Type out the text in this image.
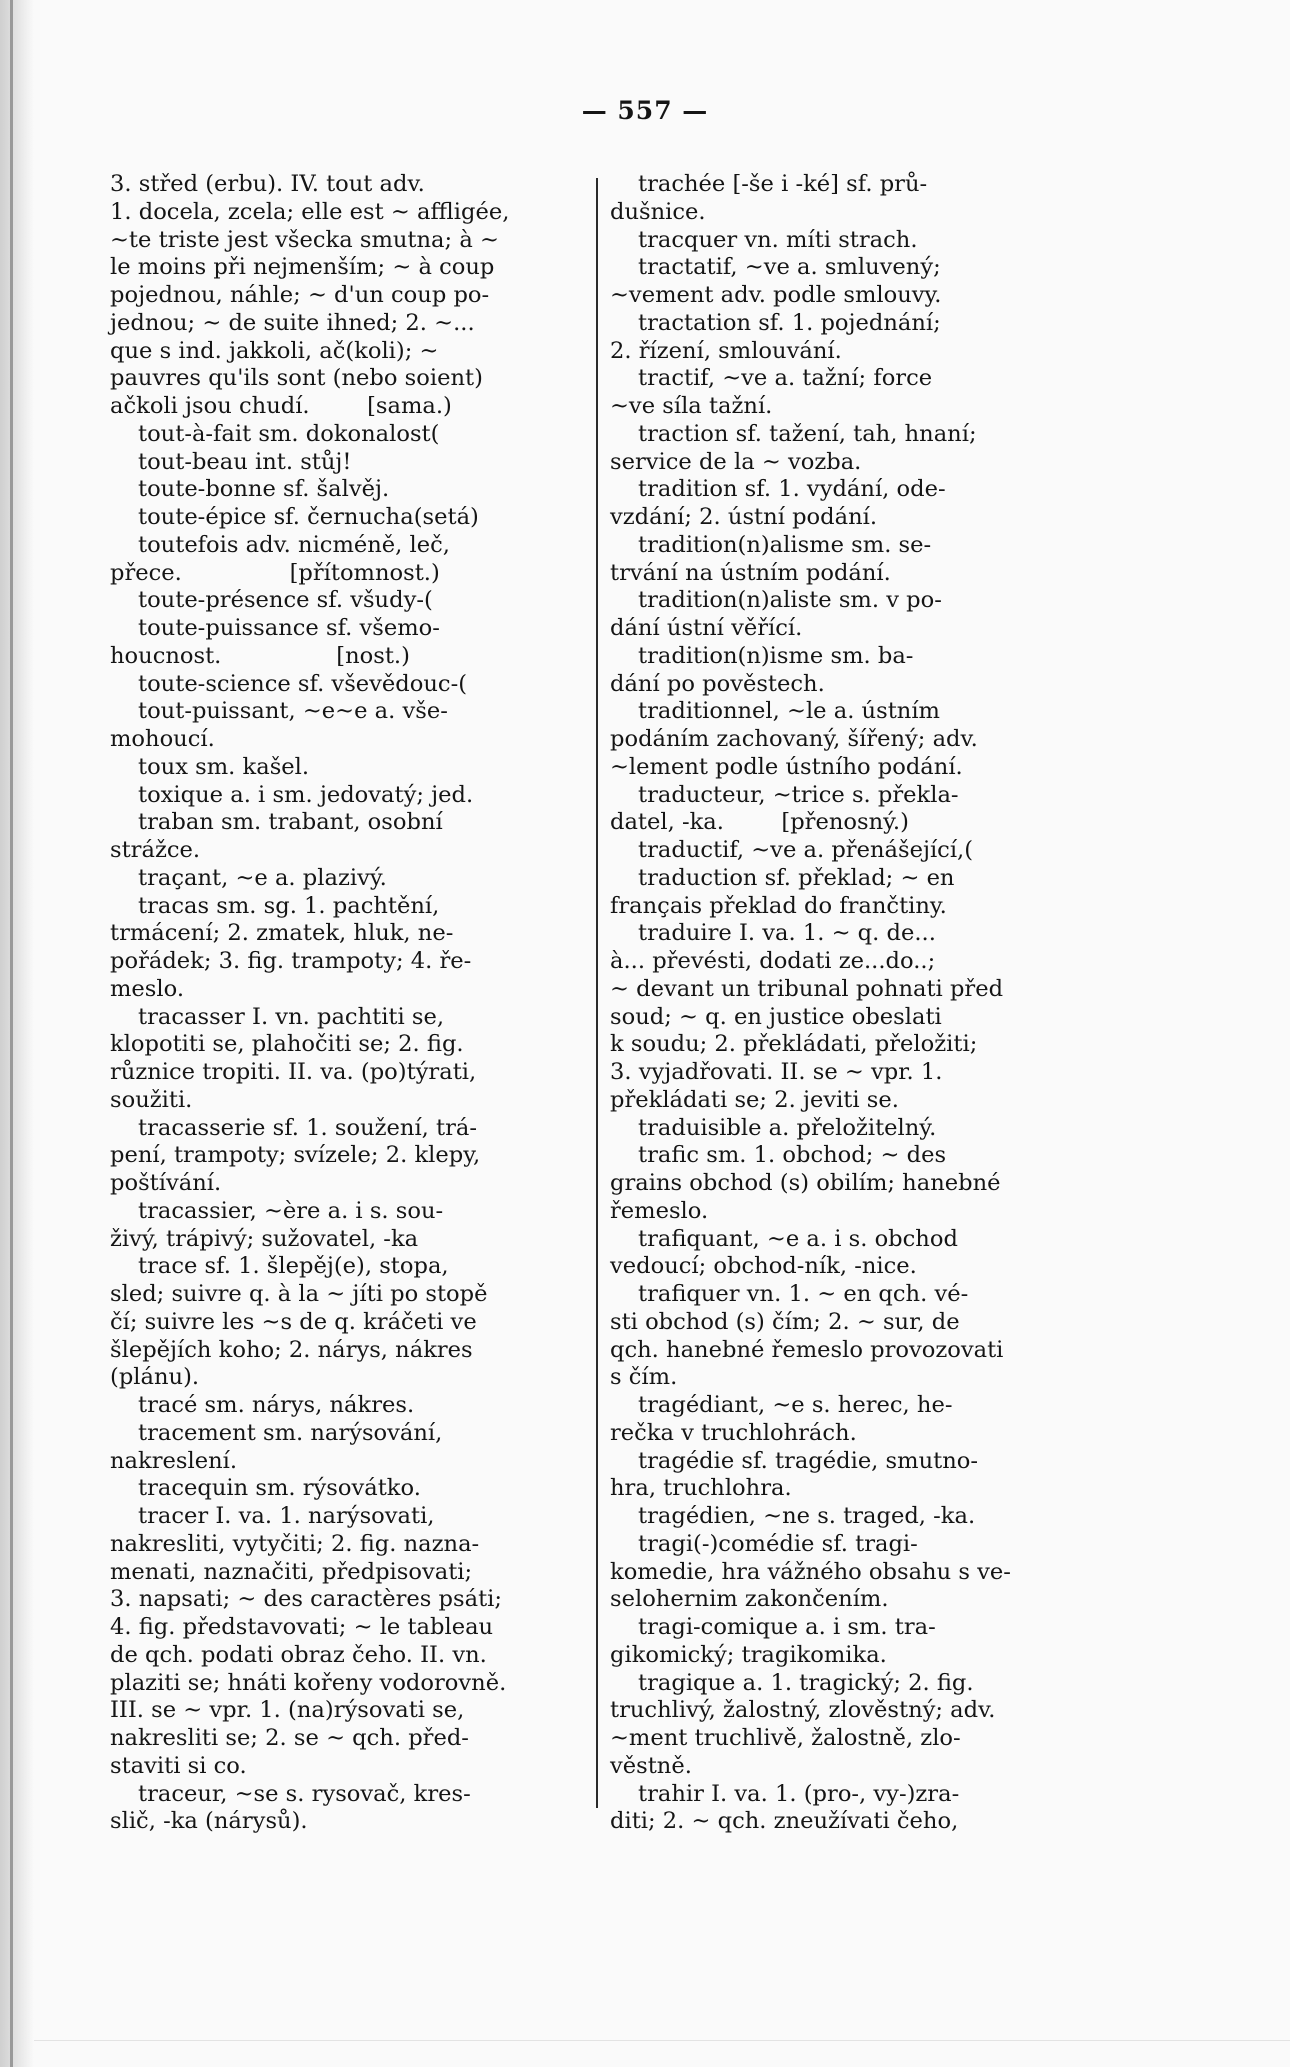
— 557 —
3. střed (erbu). IV. tout adv.
1. docela, zcela; elle est ~ affligée,
~te triste jest všecka smutna; à ~
le moins při nejmenším; ~ à coup
pojednou, náhle; ~ d'un coup po-
jednou; ~ de suite ihned; 2. ~...
que s ind. jakkoli, ač(koli); ~
pauvres qu'ils sont (nebo soient)
ačkoli jsou chudí.        [sama.)
tout-à-fait sm. dokonalost(
tout-beau int. stůj!
toute-bonne sf. šalvěj.
toute-épice sf. černucha(setá)
toutefois adv. nicméně, leč,
přece.               [přítomnost.)
toute-présence sf. všudy-(
toute-puissance sf. všemo-
houcnost.                [nost.)
toute-science sf. vševědouc-(
tout-puissant, ~e~e a. vše-
mohoucí.
toux sm. kašel.
toxique a. i sm. jedovatý; jed.
traban sm. trabant, osobní
strážce.
traçant, ~e a. plazivý.
tracas sm. sg. 1. pachtění,
trmácení; 2. zmatek, hluk, ne-
pořádek; 3. fig. trampoty; 4. ře-
meslo.
tracasser I. vn. pachtiti se,
klopotiti se, plahočiti se; 2. fig.
různice tropiti. II. va. (po)týrati,
soužiti.
tracasserie sf. 1. soužení, trá-
pení, trampoty; svízele; 2. klepy,
poštívání.
tracassier, ~ère a. i s. sou-
živý, trápivý; sužovatel, -ka
trace sf. 1. šlepěj(e), stopa,
sled; suivre q. à la ~ jíti po stopě
čí; suivre les ~s de q. kráčeti ve
šlepějích koho; 2. nárys, nákres
(plánu).
tracé sm. nárys, nákres.
tracement sm. narýsování,
nakreslení.
tracequin sm. rýsovátko.
tracer I. va. 1. narýsovati,
nakresliti, vytyčiti; 2. fig. nazna-
menati, naznačiti, předpisovati;
3. napsati; ~ des caractères psáti;
4. fig. představovati; ~ le tableau
de qch. podati obraz čeho. II. vn.
plaziti se; hnáti kořeny vodorovně.
III. se ~ vpr. 1. (na)rýsovati se,
nakresliti se; 2. se ~ qch. před-
staviti si co.
traceur, ~se s. rysovač, kres-
slič, -ka (nárysů).
trachée [-še i -ké] sf. prů-
dušnice.
tracquer vn. míti strach.
tractatif, ~ve a. smluvený;
~vement adv. podle smlouvy.
tractation sf. 1. pojednání;
2. řízení, smlouvání.
tractif, ~ve a. tažní; force
~ve síla tažní.
traction sf. tažení, tah, hnaní;
service de la ~ vozba.
tradition sf. 1. vydání, ode-
vzdání; 2. ústní podání.
tradition(n)alisme sm. se-
trvání na ústním podání.
tradition(n)aliste sm. v po-
dání ústní věřící.
tradition(n)isme sm. ba-
dání po pověstech.
traditionnel, ~le a. ústním
podáním zachovaný, šířený; adv.
~lement podle ústního podání.
traducteur, ~trice s. překla-
datel, -ka.        [přenosný.)
traductif, ~ve a. přenášející,(
traduction sf. překlad; ~ en
français překlad do frančtiny.
traduire I. va. 1. ~ q. de...
à... převésti, dodati ze...do..;
~ devant un tribunal pohnati před
soud; ~ q. en justice obeslati
k soudu; 2. překládati, přeložiti;
3. vyjadřovati. II. se ~ vpr. 1.
překládati se; 2. jeviti se.
traduisible a. přeložitelný.
trafic sm. 1. obchod; ~ des
grains obchod (s) obilím; hanebné
řemeslo.
trafiquant, ~e a. i s. obchod
vedoucí; obchod-ník, -nice.
trafiquer vn. 1. ~ en qch. vé-
sti obchod (s) čím; 2. ~ sur, de
qch. hanebné řemeslo provozovati
s čím.
tragédiant, ~e s. herec, he-
rečka v truchlohrách.
tragédie sf. tragédie, smutno-
hra, truchlohra.
tragédien, ~ne s. traged, -ka.
tragi(-)comédie sf. tragi-
komedie, hra vážného obsahu s ve-
selohernim zakončením.
tragi-comique a. i sm. tra-
gikomický; tragikomika.
tragique a. 1. tragický; 2. fig.
truchlivý, žalostný, zlověstný; adv.
~ment truchlivě, žalostně, zlo-
věstně.
trahir I. va. 1. (pro-, vy-)zra-
diti; 2. ~ qch. zneužívati čeho,
